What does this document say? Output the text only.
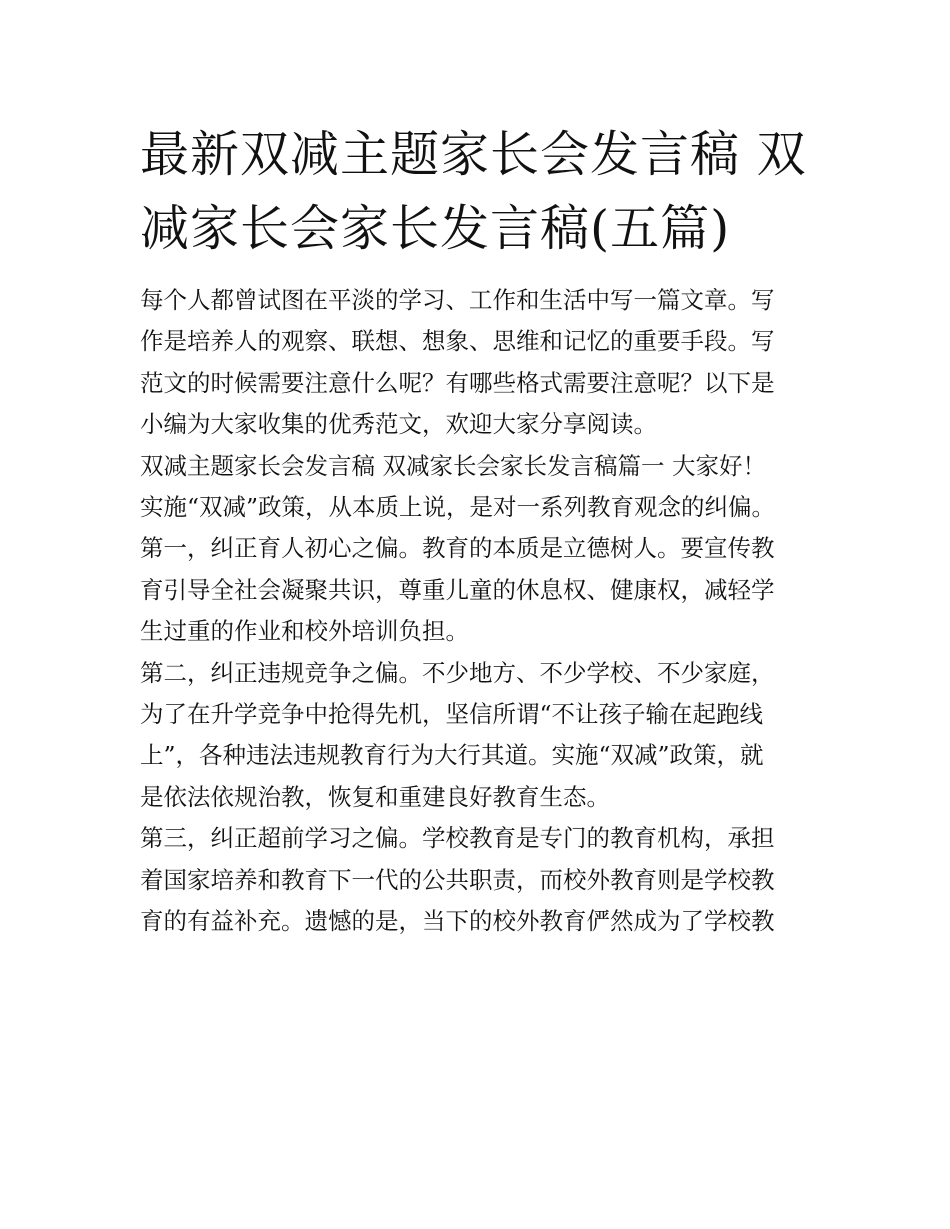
最新双减主题家长会发言稿 双
减家长会家长发言稿(五篇)

每个人都曾试图在平淡的学习、工作和生活中写一篇文章。写
作是培养人的观察、联想、想象、思维和记忆的重要手段。写
范文的时候需要注意什么呢？有哪些格式需要注意呢？以下是
小编为大家收集的优秀范文，欢迎大家分享阅读。

双减主题家长会发言稿 双减家长会家长发言稿篇一 大家好！

实施“双减”政策，从本质上说，是对一系列教育观念的纠偏。

第一，纠正育人初心之偏。教育的本质是立德树人。要宣传教
育引导全社会凝聚共识，尊重儿童的休息权、健康权，减轻学
生过重的作业和校外培训负担。

第二，纠正违规竞争之偏。不少地方、不少学校、不少家庭，
为了在升学竞争中抢得先机，坚信所谓“不让孩子输在起跑线
上”，各种违法违规教育行为大行其道。实施“双减”政策，就
是依法依规治教，恢复和重建良好教育生态。

第三，纠正超前学习之偏。学校教育是专门的教育机构，承担
着国家培养和教育下一代的公共职责，而校外教育则是学校教
育的有益补充。遗憾的是，当下的校外教育俨然成为了学校教
